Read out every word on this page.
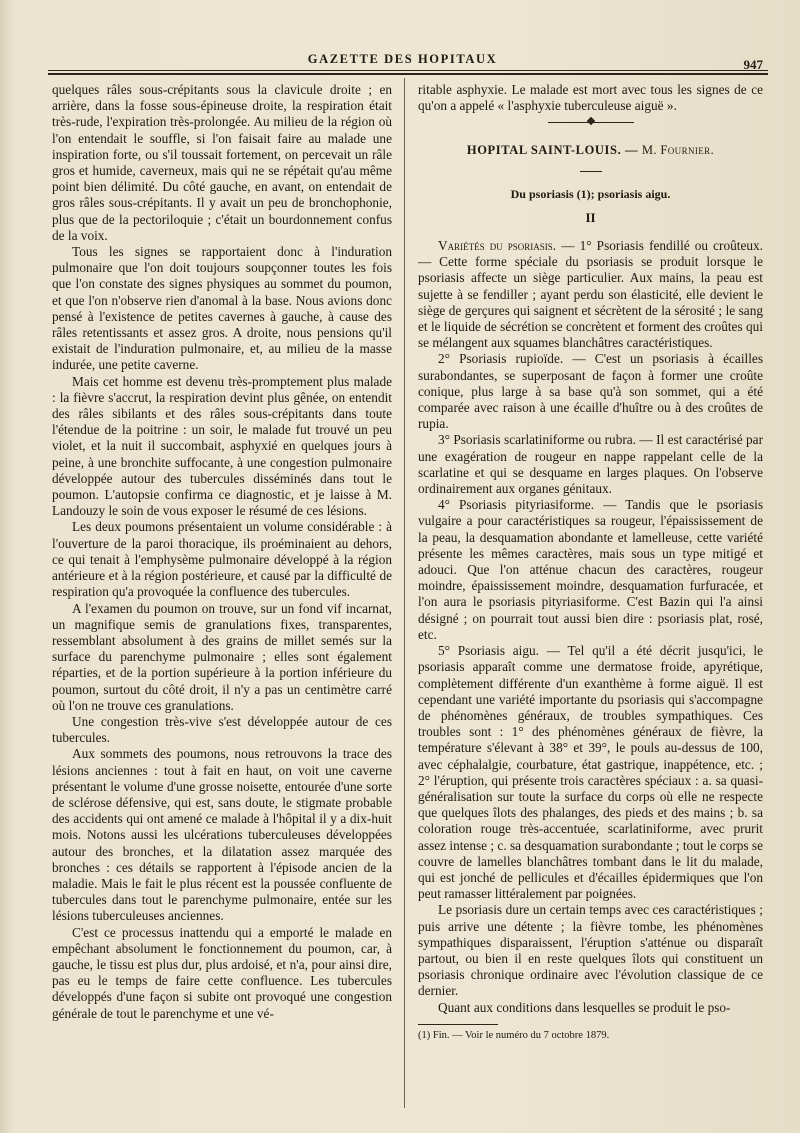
GAZETTE DES HOPITAUX	947

quelques râles sous-crépitants sous la clavicule droite ; en arrière, dans la fosse sous-épineuse droite, la respiration était très-rude, l'expiration très-prolongée. Au milieu de la région où l'on entendait le souffle, si l'on faisait faire au malade une inspiration forte, ou s'il toussait fortement, on percevait un râle gros et humide, caverneux, mais qui ne se répétait qu'au même point bien délimité. Du côté gauche, en avant, on entendait de gros râles sous-crépitants. Il y avait un peu de bronchophonie, plus que de la pectoriloquie ; c'était un bourdonnement confus de la voix.

Tous les signes se rapportaient donc à l'induration pulmonaire que l'on doit toujours soupçonner toutes les fois que l'on constate des signes physiques au sommet du poumon, et que l'on n'observe rien d'anomal à la base. Nous avions donc pensé à l'existence de petites cavernes à gauche, à cause des râles retentissants et assez gros. A droite, nous pensions qu'il existait de l'induration pulmonaire, et, au milieu de la masse indurée, une petite caverne.

Mais cet homme est devenu très-promptement plus malade : la fièvre s'accrut, la respiration devint plus gênée, on entendit des râles sibilants et des râles sous-crépitants dans toute l'étendue de la poitrine : un soir, le malade fut trouvé un peu violet, et la nuit il succombait, asphyxié en quelques jours à peine, à une bronchite suffocante, à une congestion pulmonaire développée autour des tubercules disséminés dans tout le poumon. L'autopsie confirma ce diagnostic, et je laisse à M. Landouzy le soin de vous exposer le résumé de ces lésions.

Les deux poumons présentaient un volume considérable : à l'ouverture de la paroi thoracique, ils proéminaient au dehors, ce qui tenait à l'emphysème pulmonaire développé à la région antérieure et à la région postérieure, et causé par la difficulté de respiration qu'a provoquée la confluence des tubercules.

A l'examen du poumon on trouve, sur un fond vif incarnat, un magnifique semis de granulations fixes, transparentes, ressemblant absolument à des grains de millet semés sur la surface du parenchyme pulmonaire ; elles sont également réparties, et de la portion supérieure à la portion inférieure du poumon, surtout du côté droit, il n'y a pas un centimètre carré où l'on ne trouve ces granulations.

Une congestion très-vive s'est développée autour de ces tubercules.

Aux sommets des poumons, nous retrouvons la trace des lésions anciennes : tout à fait en haut, on voit une caverne présentant le volume d'une grosse noisette, entourée d'une sorte de sclérose défensive, qui est, sans doute, le stigmate probable des accidents qui ont amené ce malade à l'hôpital il y a dix-huit mois. Notons aussi les ulcérations tuberculeuses développées autour des bronches, et la dilatation assez marquée des bronches : ces détails se rapportent à l'épisode ancien de la maladie. Mais le fait le plus récent est la poussée confluente de tubercules dans tout le parenchyme pulmonaire, entée sur les lésions tuberculeuses anciennes.

C'est ce processus inattendu qui a emporté le malade en empêchant absolument le fonctionnement du poumon, car, à gauche, le tissu est plus dur, plus ardoisé, et n'a, pour ainsi dire, pas eu le temps de faire cette confluence. Les tubercules développés d'une façon si subite ont provoqué une congestion générale de tout le parenchyme et une vé-

ritable asphyxie. Le malade est mort avec tous les signes de ce qu'on a appelé « l'asphyxie tuberculeuse aiguë ».

HOPITAL SAINT-LOUIS. — M. Fournier.
Du psoriasis (1); psoriasis aigu.
II

Variétés du psoriasis. — 1° Psoriasis fendillé ou croûteux. — Cette forme spéciale du psoriasis se produit lorsque le psoriasis affecte un siège particulier. Aux mains, la peau est sujette à se fendiller ; ayant perdu son élasticité, elle devient le siège de gerçures qui saignent et sécrètent de la sérosité ; le sang et le liquide de sécrétion se concrètent et forment des croûtes qui se mélangent aux squames blanchâtres caractéristiques.

2° Psoriasis rupioïde. — C'est un psoriasis à écailles surabondantes, se superposant de façon à former une croûte conique, plus large à sa base qu'à son sommet, qui a été comparée avec raison à une écaille d'huître ou à des croûtes de rupia.

3° Psoriasis scarlatiniforme ou rubra. — Il est caractérisé par une exagération de rougeur en nappe rappelant celle de la scarlatine et qui se desquame en larges plaques. On l'observe ordinairement aux organes génitaux.

4° Psoriasis pityriasiforme. — Tandis que le psoriasis vulgaire a pour caractéristiques sa rougeur, l'épaississement de la peau, la desquamation abondante et lamelleuse, cette variété présente les mêmes caractères, mais sous un type mitigé et adouci. Que l'on atténue chacun des caractères, rougeur moindre, épaississement moindre, desquamation furfuracée, et l'on aura le psoriasis pityriasiforme. C'est Bazin qui l'a ainsi désigné ; on pourrait tout aussi bien dire : psoriasis plat, rosé, etc.

5° Psoriasis aigu. — Tel qu'il a été décrit jusqu'ici, le psoriasis apparaît comme une dermatose froide, apyrétique, complètement différente d'un exanthème à forme aiguë. Il est cependant une variété importante du psoriasis qui s'accompagne de phénomènes généraux, de troubles sympathiques. Ces troubles sont : 1° des phénomènes généraux de fièvre, la température s'élevant à 38° et 39°, le pouls au-dessus de 100, avec céphalalgie, courbature, état gastrique, inappétence, etc. ; 2° l'éruption, qui présente trois caractères spéciaux : a. sa quasi-généralisation sur toute la surface du corps où elle ne respecte que quelques îlots des phalanges, des pieds et des mains ; b. sa coloration rouge très-accentuée, scarlatiniforme, avec prurit assez intense ; c. sa desquamation surabondante ; tout le corps se couvre de lamelles blanchâtres tombant dans le lit du malade, qui est jonché de pellicules et d'écailles épidermiques que l'on peut ramasser littéralement par poignées.

Le psoriasis dure un certain temps avec ces caractéristiques ; puis arrive une détente ; la fièvre tombe, les phénomènes sympathiques disparaissent, l'éruption s'atténue ou disparaît partout, ou bien il en reste quelques îlots qui constituent un psoriasis chronique ordinaire avec l'évolution classique de ce dernier.

Quant aux conditions dans lesquelles se produit le pso-

(1) Fin. — Voir le numéro du 7 octobre 1879.
